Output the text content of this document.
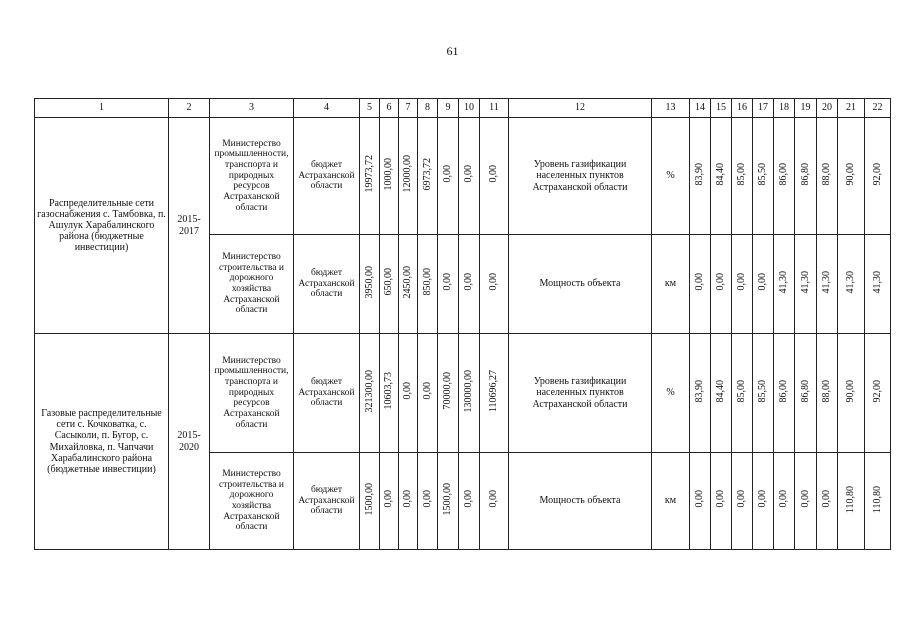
61
1	2	3	4	5	6	7	8	9	10	11	12	13	14	15	16	17	18	19	20	21	22
Распределительные сети газоснабжения с. Тамбовка, п. Ашулук Харабалинского района (бюджетные инвестиции)	2015-2017	Министерство промышленности, транспорта и природных ресурсов Астраханской области	бюджет Астраханской области	19973,72	1000,00	12000,00	6973,72	0,00	0,00	0,00	Уровень газификации населенных пунктов Астраханской области	%	83,90	84,40	85,00	85,50	86,00	86,80	88,00	90,00	92,00
		Министерство строительства и дорожного хозяйства Астраханской области	бюджет Астраханской области	3950,00	650,00	2450,00	850,00	0,00	0,00	0,00	Мощность объекта	км	0,00	0,00	0,00	0,00	41,30	41,30	41,30	41,30	41,30
Газовые распределительные сети с. Кочковатка, с. Сасыколи, п. Бугор, с. Михайловка, п. Чапчачи Харабалинского района (бюджетные инвестиции)	2015-2020	Министерство промышленности, транспорта и природных ресурсов Астраханской области	бюджет Астраханской области	321300,00	10603,73	0,00	0,00	70000,00	130000,00	110696,27	Уровень газификации населенных пунктов Астраханской области	%	83,90	84,40	85,00	85,50	86,00	86,80	88,00	90,00	92,00
		Министерство строительства и дорожного хозяйства Астраханской области	бюджет Астраханской области	1500,00	0,00	0,00	0,00	1500,00	0,00	0,00	Мощность объекта	км	0,00	0,00	0,00	0,00	0,00	0,00	0,00	110,80	110,80
